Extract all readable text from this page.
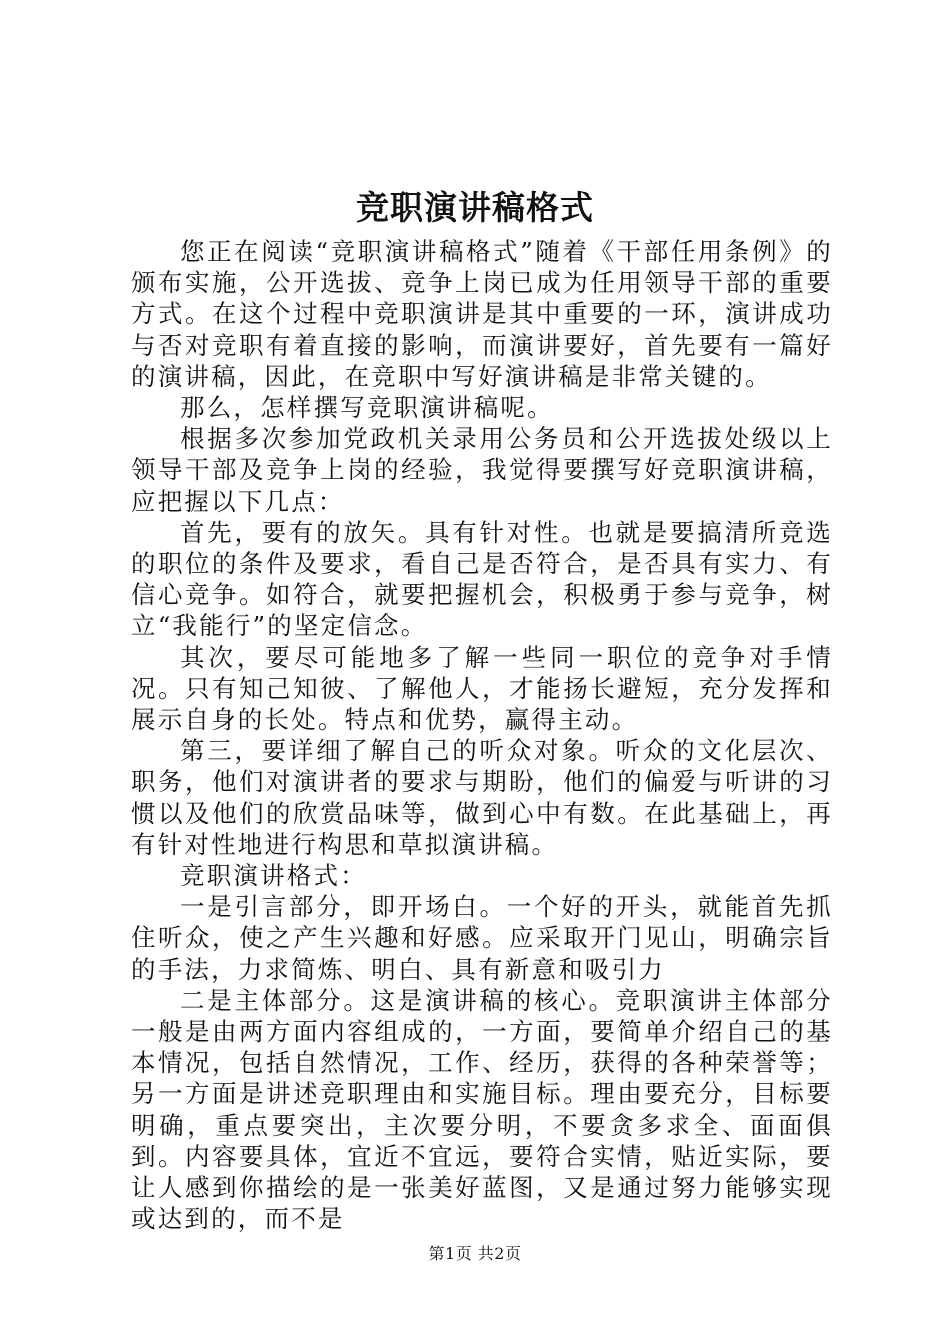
竞职演讲稿格式

您正在阅读“竞职演讲稿格式”随着《干部任用条例》的颁布实施，公开选拔、竞争上岗已成为任用领导干部的重要方式。在这个过程中竞职演讲是其中重要的一环，演讲成功与否对竞职有着直接的影响，而演讲要好，首先要有一篇好的演讲稿，因此，在竞职中写好演讲稿是非常关键的。

那么，怎样撰写竞职演讲稿呢。

根据多次参加党政机关录用公务员和公开选拔处级以上领导干部及竞争上岗的经验，我觉得要撰写好竞职演讲稿，应把握以下几点：

首先，要有的放矢。具有针对性。也就是要搞清所竞选的职位的条件及要求，看自己是否符合，是否具有实力、有信心竞争。如符合，就要把握机会，积极勇于参与竞争，树立“我能行”的坚定信念。

其次，要尽可能地多了解一些同一职位的竞争对手情况。只有知己知彼、了解他人，才能扬长避短，充分发挥和展示自身的长处。特点和优势，赢得主动。

第三，要详细了解自己的听众对象。听众的文化层次、职务，他们对演讲者的要求与期盼，他们的偏爱与听讲的习惯以及他们的欣赏品味等，做到心中有数。在此基础上，再有针对性地进行构思和草拟演讲稿。

竞职演讲格式：

一是引言部分，即开场白。一个好的开头，就能首先抓住听众，使之产生兴趣和好感。应采取开门见山，明确宗旨的手法，力求简炼、明白、具有新意和吸引力

二是主体部分。这是演讲稿的核心。竞职演讲主体部分一般是由两方面内容组成的，一方面，要简单介绍自己的基本情况，包括自然情况，工作、经历，获得的各种荣誉等；另一方面是讲述竞职理由和实施目标。理由要充分，目标要明确，重点要突出，主次要分明，不要贪多求全、面面俱到。内容要具体，宜近不宜远，要符合实情，贴近实际，要让人感到你描绘的是一张美好蓝图，又是通过努力能够实现或达到的，而不是

第1页 共2页
